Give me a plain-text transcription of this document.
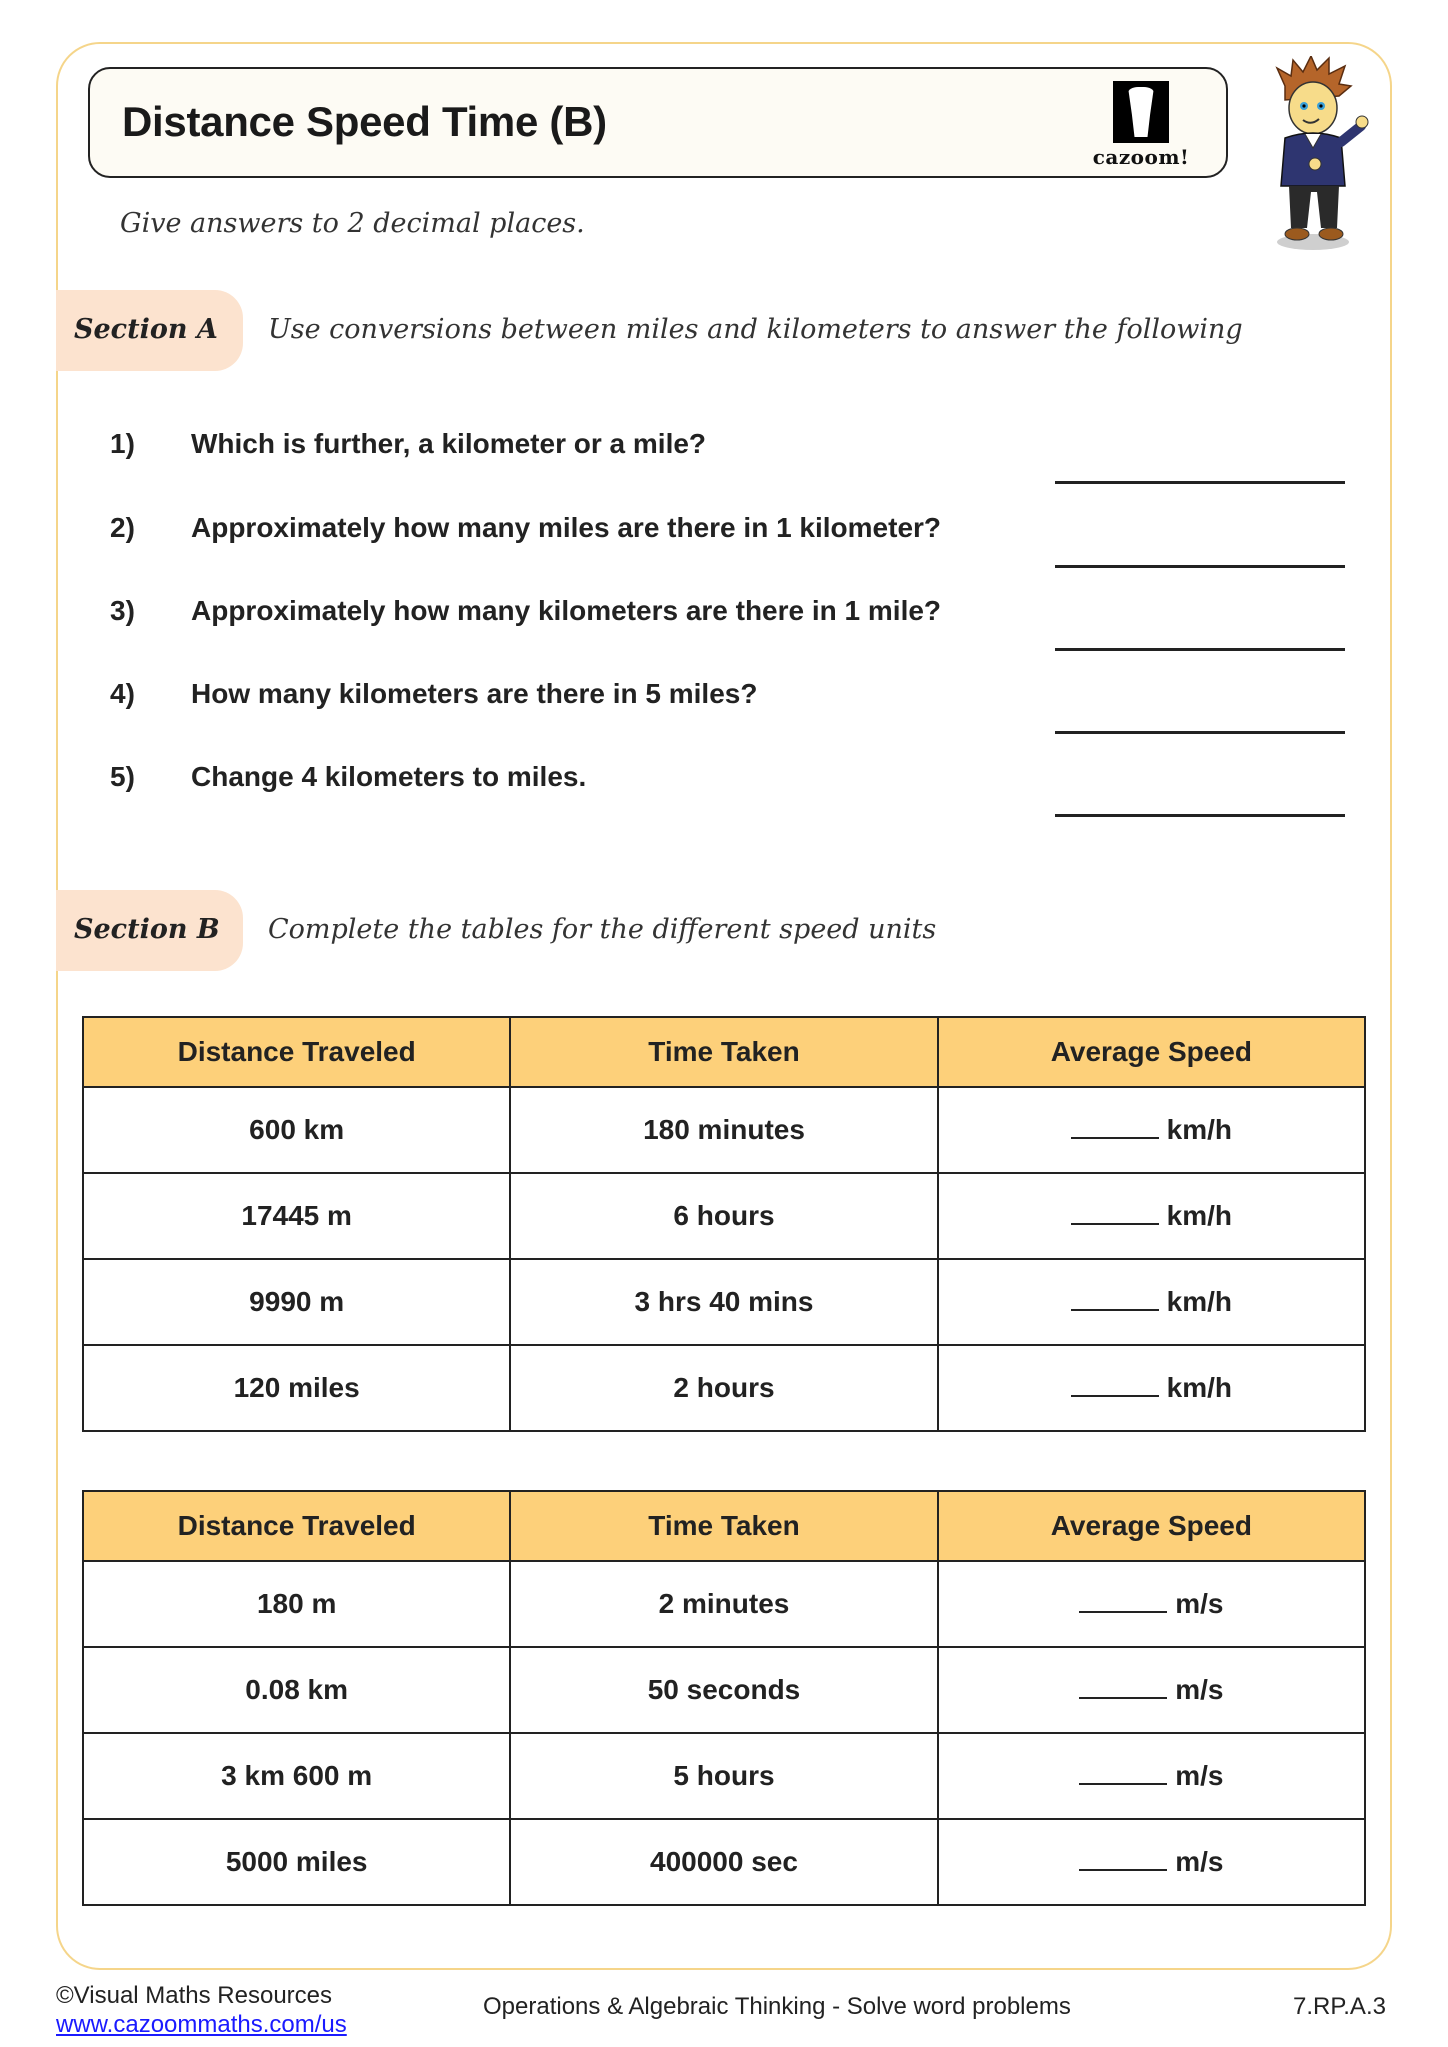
Distance Speed Time (B)
cazoom!
Give answers to 2 decimal places.
Section A Use conversions between miles and kilometers to answer the following
1) Which is further, a kilometer or a mile?
2) Approximately how many miles are there in 1 kilometer?
3) Approximately how many kilometers are there in 1 mile?
4) How many kilometers are there in 5 miles?
5) Change 4 kilometers to miles.
Section B Complete the tables for the different speed units
Distance Traveled	Time Taken	Average Speed
600 km	180 minutes	km/h
17445 m	6 hours	km/h
9990 m	3 hrs 40 mins	km/h
120 miles	2 hours	km/h
Distance Traveled	Time Taken	Average Speed
180 m	2 minutes	m/s
0.08 km	50 seconds	m/s
3 km 600 m	5 hours	m/s
5000 miles	400000 sec	m/s
©Visual Maths Resources
www.cazoommaths.com/us
Operations & Algebraic Thinking - Solve word problems	7.RP.A.3
